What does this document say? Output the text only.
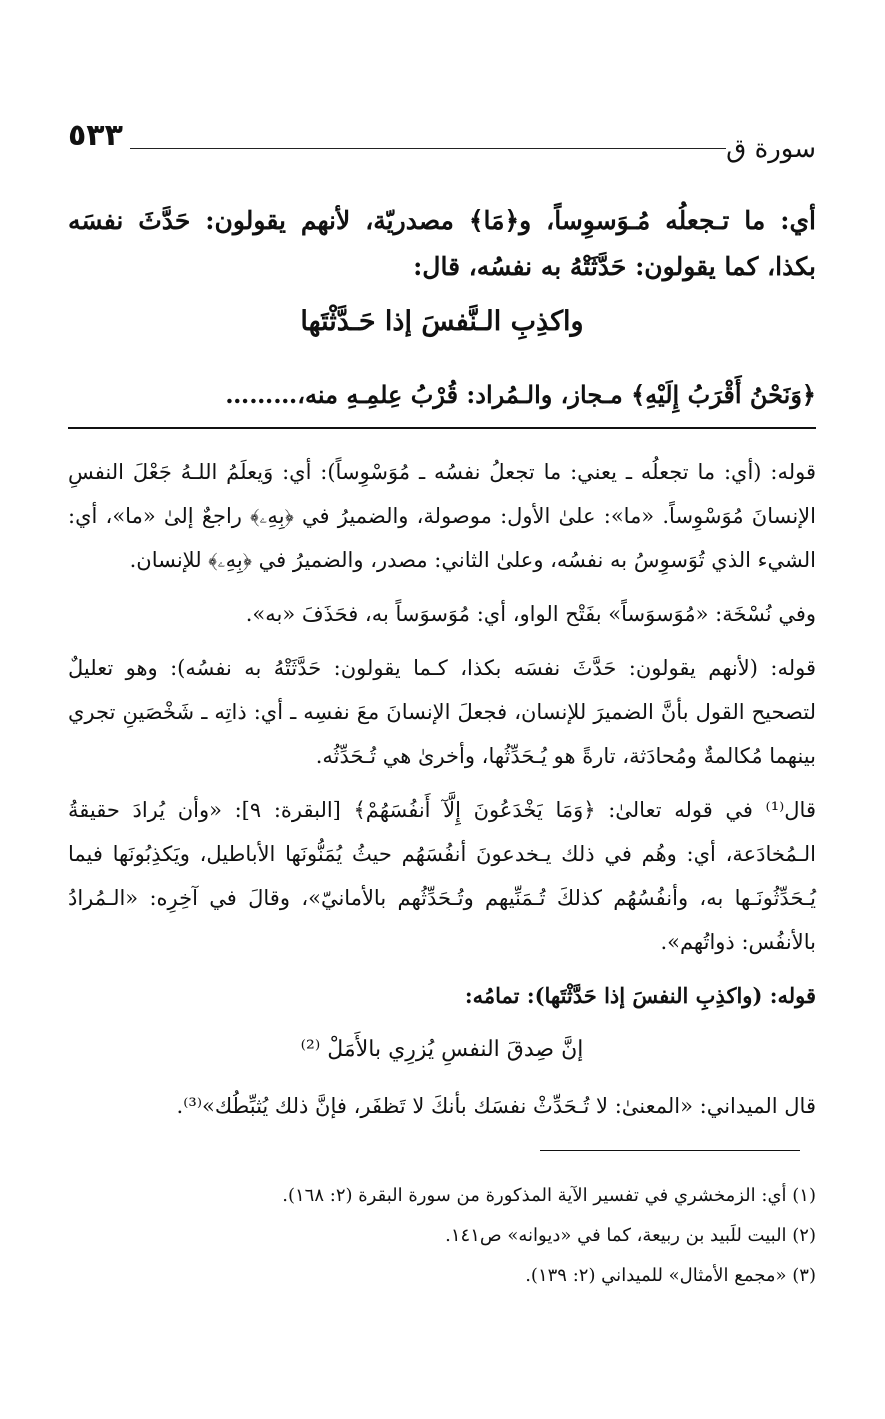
٥٣٣	سورة ق
أي: ما تـجعلُه مُـوَسوِساً، و﴿مَا﴾ مصدريّة، لأنهم يقولون: حَدَّثَ نفسَه بكذا، كما يقولون: حَدَّثَتْهُ به نفسُه، قال:
واكذِبِ الـنَّفسَ إذا حَـدَّثْتَها
﴿وَنَحْنُ أَقْرَبُ إِلَيْهِ﴾ مـجاز، والـمُراد: قُرْبُ عِلمِـهِ منه،………

قوله: (أي: ما تجعلُه ـ يعني: ما تجعلُ نفسُه ـ مُوَسْوِساً): أي: وَيعلَمُ اللـهُ جَعْلَ النفسِ الإنسانَ مُوَسْوِساً. «ما»: علىٰ الأول: موصولة، والضميرُ في ﴿بِهِۦ﴾ راجعٌ إلىٰ «ما»، أي: الشيء الذي تُوَسوِسُ به نفسُه، وعلىٰ الثاني: مصدر، والضميرُ في ﴿بِهِۦ﴾ للإنسان.

وفي نُسْخَة: «مُوَسوَساً» بفَتْح الواو، أي: مُوَسوَساً به، فحَذَفَ «به».

قوله: (لأنهم يقولون: حَدَّثَ نفسَه بكذا، كـما يقولون: حَدَّثَتْهُ به نفسُه): وهو تعليلٌ لتصحيح القول بأنَّ الضميرَ للإنسان، فجعلَ الإنسانَ معَ نفسِه ـ أي: ذاتِه ـ شَخْصَينِ تجري بينهما مُكالمةٌ ومُحادَثة، تارةً هو يُـحَدِّثُها، وأخرىٰ هي تُـحَدِّثُه.

قال⁽¹⁾ في قوله تعالىٰ: ﴿وَمَا يَخْدَعُونَ إِلَّآ أَنفُسَهُمْ﴾ [البقرة: ٩]: «وأن يُرادَ حقيقةُ الـمُخادَعة، أي: وهُم في ذلك يـخدعونَ أنفُسَهُم حيثُ يُمَنُّونَها الأباطيل، ويَكذِبُونَها فيما يُـحَدِّثُونَـها به، وأنفُسُهُم كذلكَ تُـمَنِّيهم وتُـحَدِّثُهم بالأمانيّ»، وقالَ في آخِرِه: «الـمُرادُ بالأنفُس: ذواتُهم».

قوله: (واكذِبِ النفسَ إذا حَدَّثْتَها): تمامُه:

إنَّ صِدقَ النفسِ يُزرِي بالأَمَلْ ⁽²⁾

قال الميداني: «المعنىٰ: لا تُـحَدِّثْ نفسَك بأنكَ لا تَظفَر، فإنَّ ذلك يُثبِّطُك»⁽³⁾.

(١) أي: الزمخشري في تفسير الآية المذكورة من سورة البقرة (٢: ١٦٨).
(٢) البيت للَبيد بن ربيعة، كما في «ديوانه» ص١٤١.
(٣) «مجمع الأمثال» للميداني (٢: ١٣٩).
